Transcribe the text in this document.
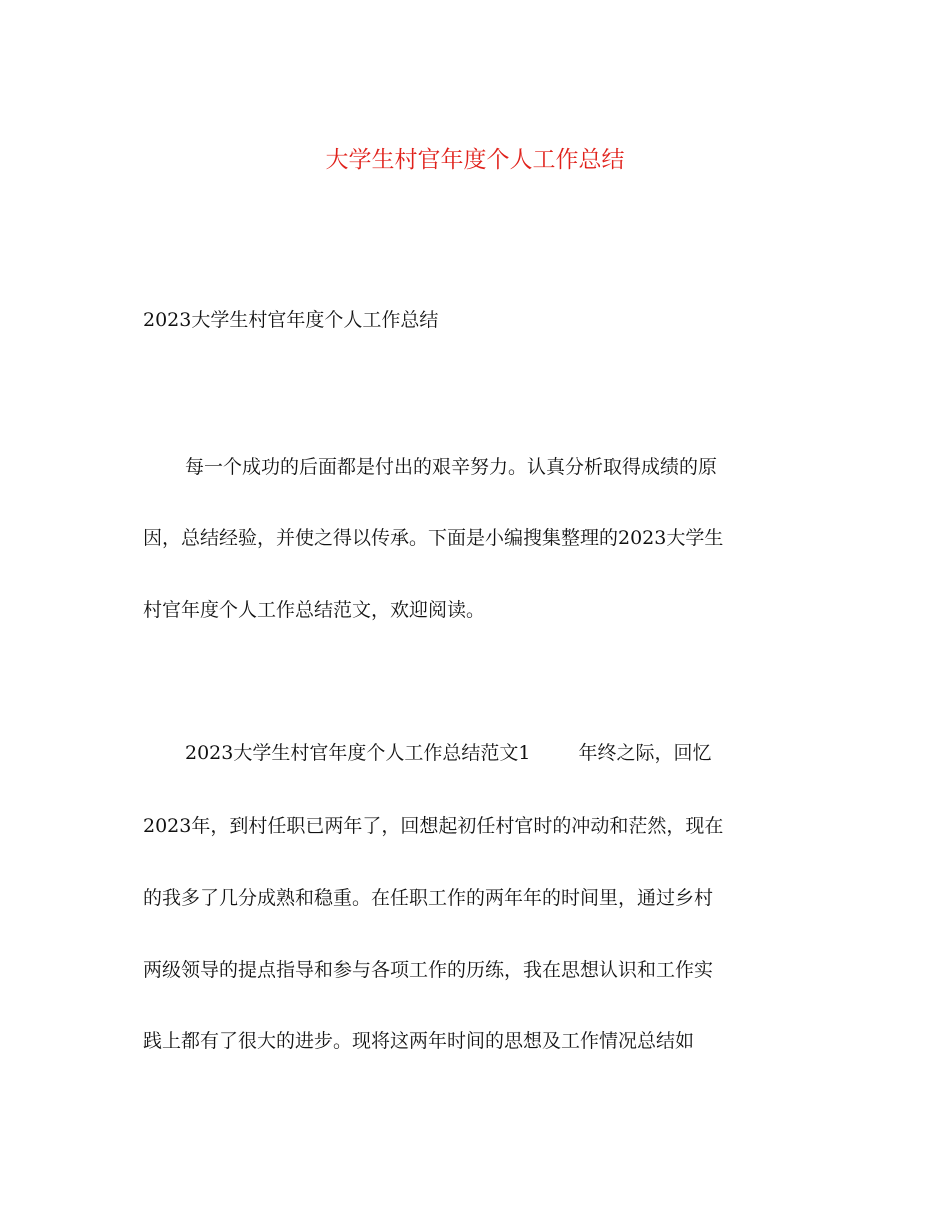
大学生村官年度个人工作总结

2023大学生村官年度个人工作总结

每一个成功的后面都是付出的艰辛努力。认真分析取得成绩的原

因，总结经验，并使之得以传承。下面是小编搜集整理的2023大学生

村官年度个人工作总结范文，欢迎阅读。

2023大学生村官年度个人工作总结范文1	年终之际，回忆

2023年，到村任职已两年了，回想起初任村官时的冲动和茫然，现在

的我多了几分成熟和稳重。在任职工作的两年年的时间里，通过乡村

两级领导的提点指导和参与各项工作的历练，我在思想认识和工作实

践上都有了很大的进步。现将这两年时间的思想及工作情况总结如
